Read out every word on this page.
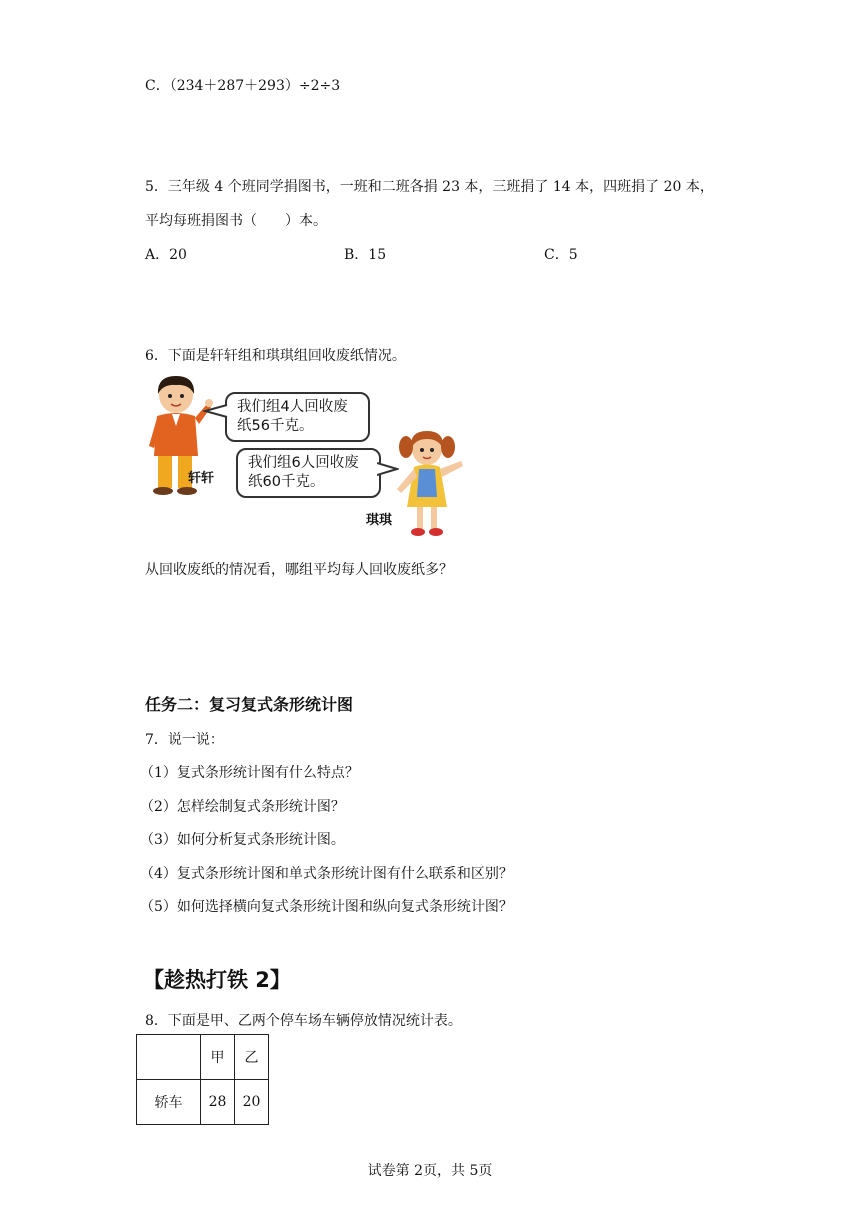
C．（234＋287＋293）÷2÷3
5．三年级 4 个班同学捐图书，一班和二班各捐 23 本，三班捐了 14 本，四班捐了 20 本，
平均每班捐图书（　　）本。
A．20	B．15	C．5
6．下面是轩轩组和琪琪组回收废纸情况。
轩轩
我们组4人回收废
纸56千克。
我们组6人回收废
纸60千克。
琪琪
从回收废纸的情况看，哪组平均每人回收废纸多？
任务二：复习复式条形统计图
7．说一说：
（1）复式条形统计图有什么特点？
（2）怎样绘制复式条形统计图？
（3）如何分析复式条形统计图。
（4）复式条形统计图和单式条形统计图有什么联系和区别？
（5）如何选择横向复式条形统计图和纵向复式条形统计图？
【趁热打铁 2】
8．下面是甲、乙两个停车场车辆停放情况统计表。
	甲	乙
轿车	28	20
试卷第 2页，共 5页
